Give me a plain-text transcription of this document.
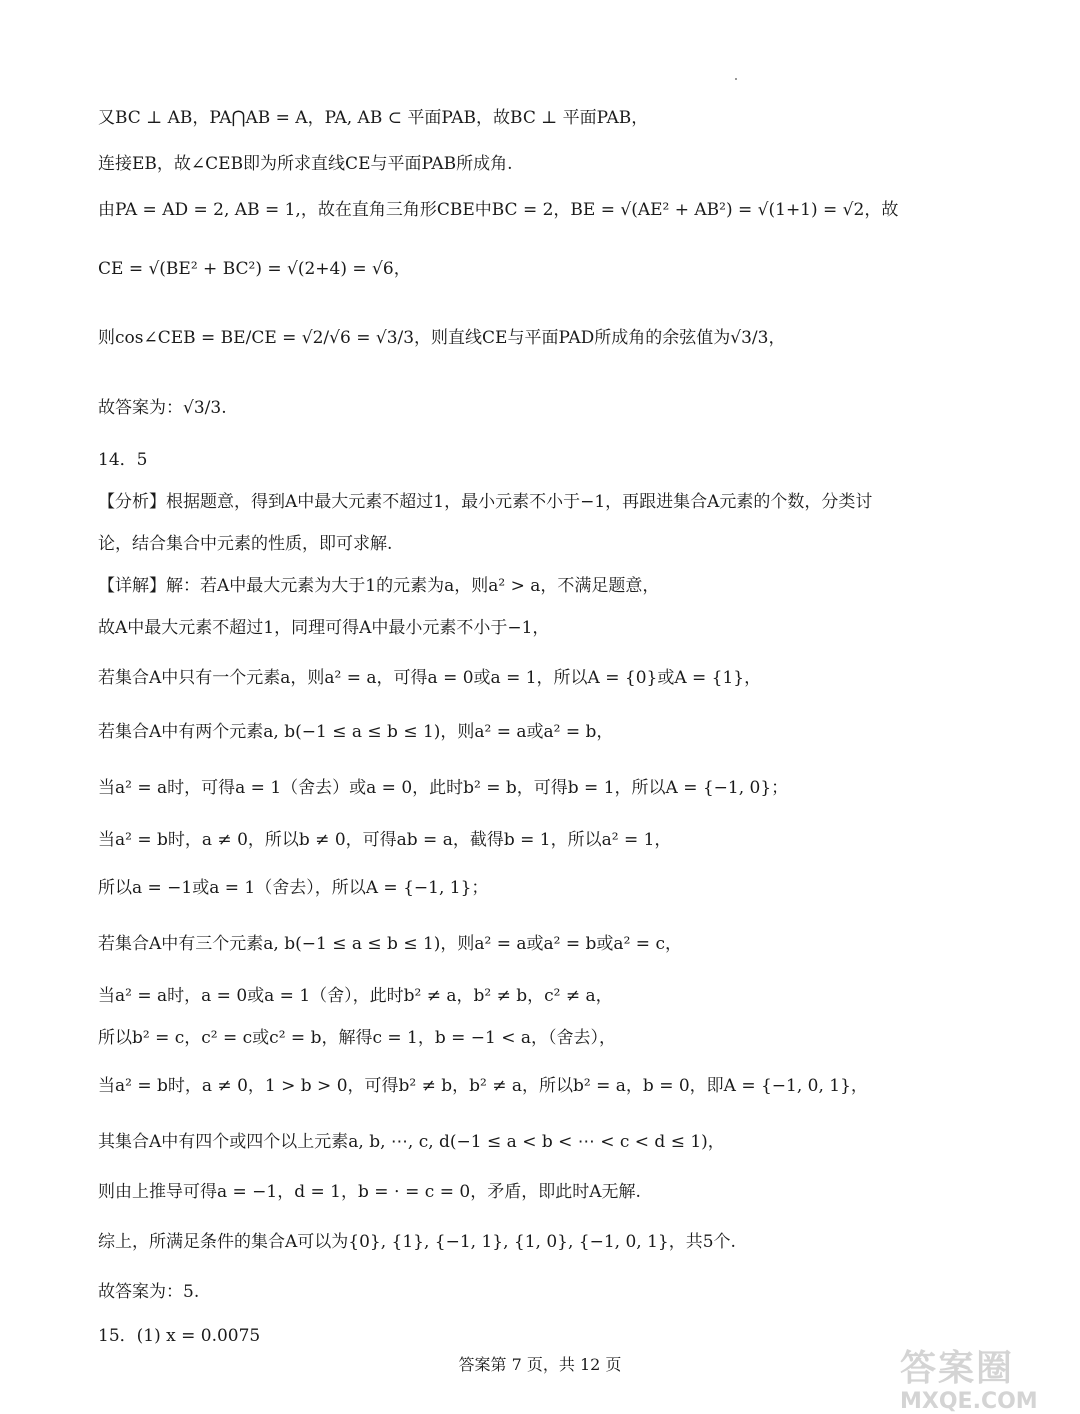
又BC ⊥ AB，PA⋂AB = A，PA, AB ⊂ 平面PAB，故BC ⊥ 平面PAB，
连接EB，故∠CEB即为所求直线CE与平面PAB所成角.
由PA = AD = 2, AB = 1,，故在直角三角形CBE中BC = 2，BE = √(AE² + AB²) = √(1+1) = √2，故
CE = √(BE² + BC²) = √(2+4) = √6，
则cos∠CEB = BE/CE = √2/√6 = √3/3，则直线CE与平面PAD所成角的余弦值为√3/3，
故答案为：√3/3.
14．5
【分析】根据题意，得到A中最大元素不超过1，最小元素不小于−1，再跟进集合A元素的个数，分类讨
论，结合集合中元素的性质，即可求解.
【详解】解：若A中最大元素为大于1的元素为a，则a² > a，不满足题意，
故A中最大元素不超过1，同理可得A中最小元素不小于−1，
若集合A中只有一个元素a，则a² = a，可得a = 0或a = 1，所以A = {0}或A = {1}，
若集合A中有两个元素a, b(−1 ≤ a ≤ b ≤ 1)，则a² = a或a² = b，
当a² = a时，可得a = 1（舍去）或a = 0，此时b² = b，可得b = 1，所以A = {−1, 0}；
当a² = b时，a ≠ 0，所以b ≠ 0，可得ab = a，截得b = 1，所以a² = 1，
所以a = −1或a = 1（舍去），所以A = {−1, 1}；
若集合A中有三个元素a, b(−1 ≤ a ≤ b ≤ 1)，则a² = a或a² = b或a² = c，
当a² = a时，a = 0或a = 1（舍），此时b² ≠ a，b² ≠ b，c² ≠ a，
所以b² = c，c² = c或c² = b，解得c = 1，b = −1 < a，（舍去），
当a² = b时，a ≠ 0，1 > b > 0，可得b² ≠ b，b² ≠ a，所以b² = a，b = 0，即A = {−1, 0, 1}，
其集合A中有四个或四个以上元素a, b, ⋯, c, d(−1 ≤ a < b < ⋯ < c < d ≤ 1)，
则由上推导可得a = −1，d = 1，b = ⋅ = c = 0，矛盾，即此时A无解.
综上，所满足条件的集合A可以为{0}, {1}, {−1, 1}, {1, 0}, {−1, 0, 1}，共5个.
故答案为：5.
15．(1) x = 0.0075
答案第 7 页，共 12 页	答案圈
MXQE.COM
